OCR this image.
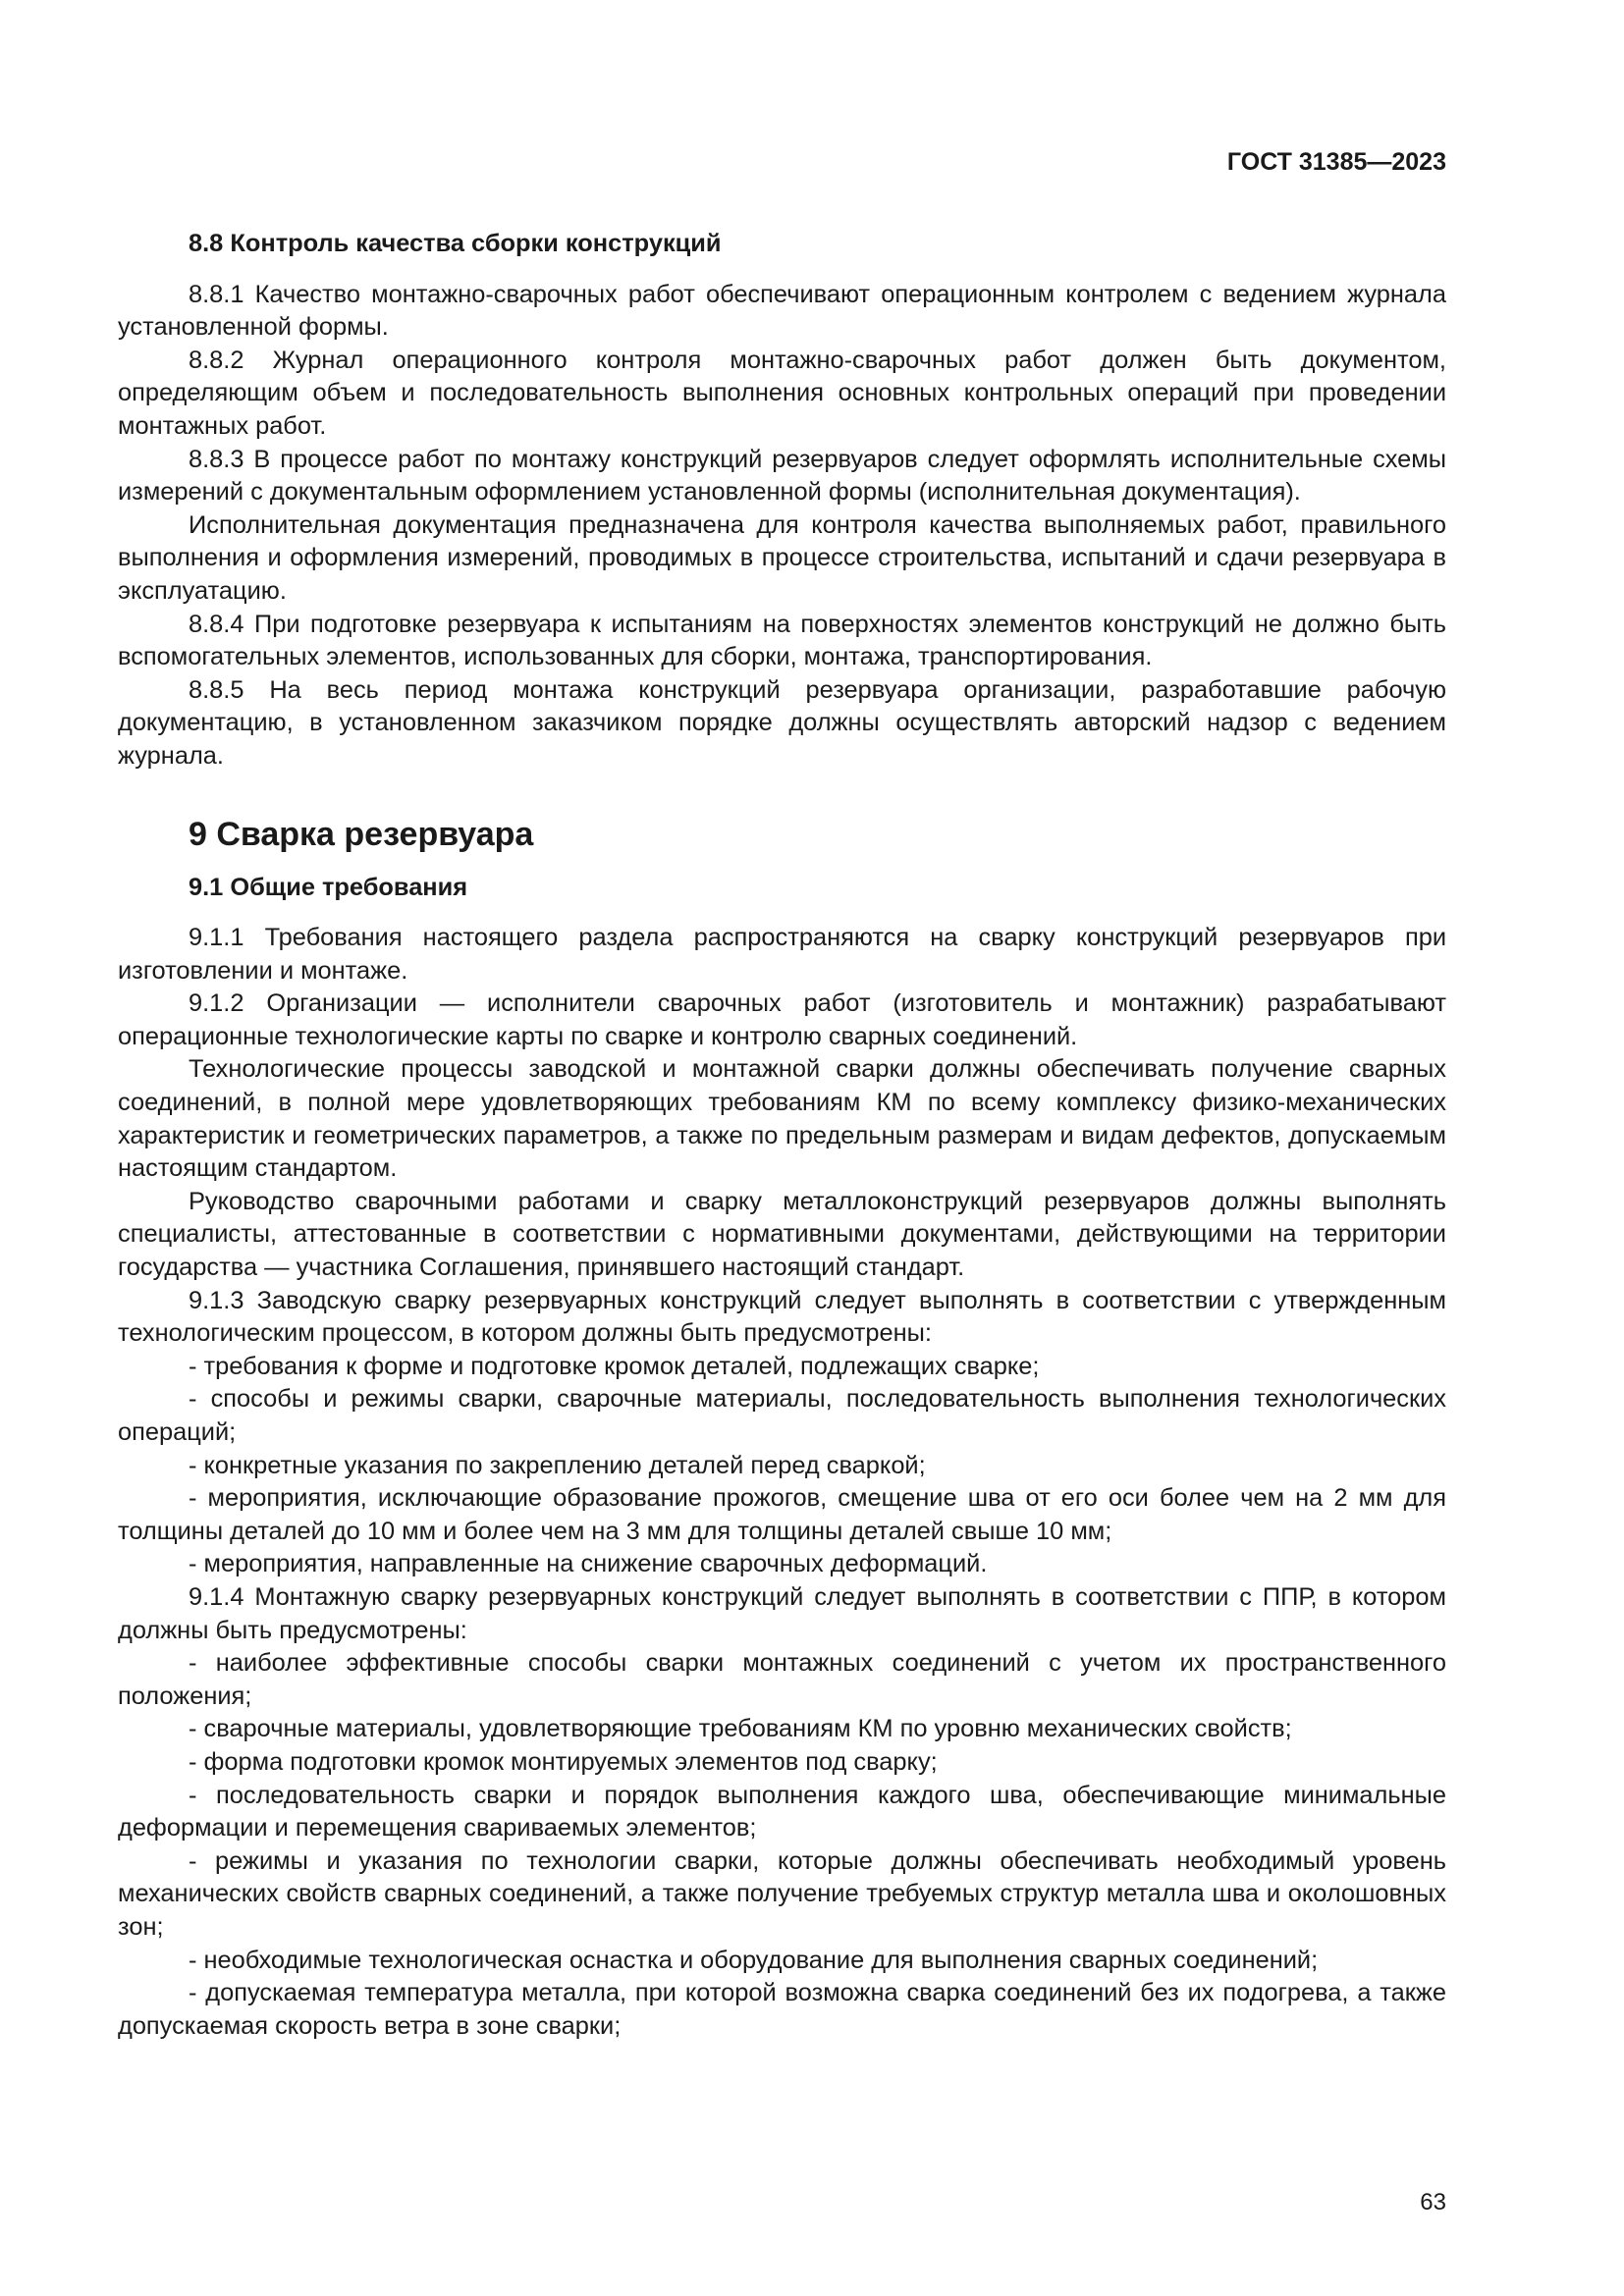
ГОСТ 31385—2023
8.8 Контроль качества сборки конструкций

8.8.1 Качество монтажно-сварочных работ обеспечивают операционным контролем с ведением журнала установленной формы.

8.8.2 Журнал операционного контроля монтажно-сварочных работ должен быть документом, определяющим объем и последовательность выполнения основных контрольных операций при проведении монтажных работ.

8.8.3 В процессе работ по монтажу конструкций резервуаров следует оформлять исполнительные схемы измерений с документальным оформлением установленной формы (исполнительная документация).

Исполнительная документация предназначена для контроля качества выполняемых работ, правильного выполнения и оформления измерений, проводимых в процессе строительства, испытаний и сдачи резервуара в эксплуатацию.

8.8.4 При подготовке резервуара к испытаниям на поверхностях элементов конструкций не должно быть вспомогательных элементов, использованных для сборки, монтажа, транспортирования.

8.8.5 На весь период монтажа конструкций резервуара организации, разработавшие рабочую документацию, в установленном заказчиком порядке должны осуществлять авторский надзор с ведением журнала.

9 Сварка резервуара
9.1 Общие требования

9.1.1 Требования настоящего раздела распространяются на сварку конструкций резервуаров при изготовлении и монтаже.

9.1.2 Организации — исполнители сварочных работ (изготовитель и монтажник) разрабатывают операционные технологические карты по сварке и контролю сварных соединений.

Технологические процессы заводской и монтажной сварки должны обеспечивать получение сварных соединений, в полной мере удовлетворяющих требованиям КМ по всему комплексу физико-механических характеристик и геометрических параметров, а также по предельным размерам и видам дефектов, допускаемым настоящим стандартом.

Руководство сварочными работами и сварку металлоконструкций резервуаров должны выполнять специалисты, аттестованные в соответствии с нормативными документами, действующими на территории государства — участника Соглашения, принявшего настоящий стандарт.

9.1.3 Заводскую сварку резервуарных конструкций следует выполнять в соответствии с утвержденным технологическим процессом, в котором должны быть предусмотрены:

- требования к форме и подготовке кромок деталей, подлежащих сварке;

- способы и режимы сварки, сварочные материалы, последовательность выполнения технологических операций;

- конкретные указания по закреплению деталей перед сваркой;

- мероприятия, исключающие образование прожогов, смещение шва от его оси более чем на 2 мм для толщины деталей до 10 мм и более чем на 3 мм для толщины деталей свыше 10 мм;

- мероприятия, направленные на снижение сварочных деформаций.

9.1.4 Монтажную сварку резервуарных конструкций следует выполнять в соответствии с ППР, в котором должны быть предусмотрены:

- наиболее эффективные способы сварки монтажных соединений с учетом их пространственного положения;

- сварочные материалы, удовлетворяющие требованиям КМ по уровню механических свойств;

- форма подготовки кромок монтируемых элементов под сварку;

- последовательность сварки и порядок выполнения каждого шва, обеспечивающие минимальные деформации и перемещения свариваемых элементов;

- режимы и указания по технологии сварки, которые должны обеспечивать необходимый уровень механических свойств сварных соединений, а также получение требуемых структур металла шва и околошовных зон;

- необходимые технологическая оснастка и оборудование для выполнения сварных соединений;

- допускаемая температура металла, при которой возможна сварка соединений без их подогрева, а также допускаемая скорость ветра в зоне сварки;

63
